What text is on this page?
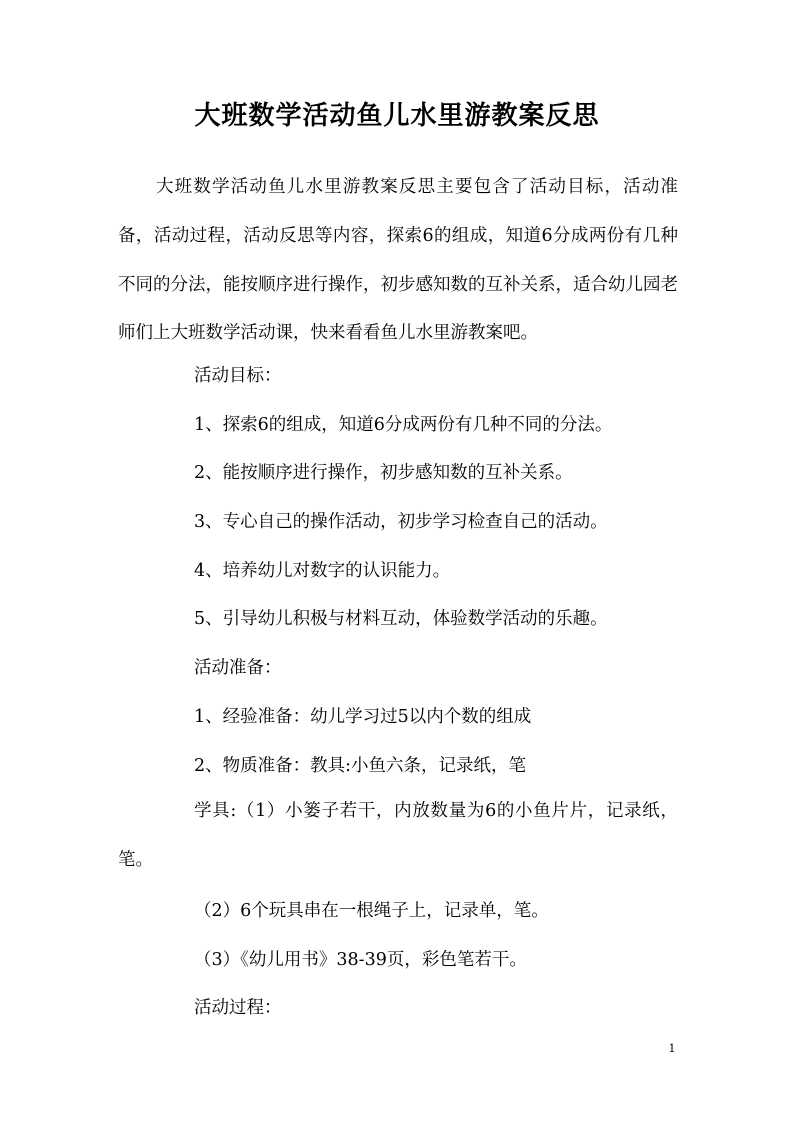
大班数学活动鱼儿水里游教案反思
大班数学活动鱼儿水里游教案反思主要包含了活动目标，活动准备，活动过程，活动反思等内容，探索6的组成，知道6分成两份有几种不同的分法，能按顺序进行操作，初步感知数的互补关系，适合幼儿园老师们上大班数学活动课，快来看看鱼儿水里游教案吧。
活动目标：
1、探索6的组成，知道6分成两份有几种不同的分法。
2、能按顺序进行操作，初步感知数的互补关系。
3、专心自己的操作活动，初步学习检查自己的活动。
4、培养幼儿对数字的认识能力。
5、引导幼儿积极与材料互动，体验数学活动的乐趣。
活动准备：
1、经验准备：幼儿学习过5以内个数的组成
2、物质准备：教具:小鱼六条，记录纸，笔
学具:（1）小篓子若干，内放数量为6的小鱼片片，记录纸，笔。
（2）6个玩具串在一根绳子上，记录单，笔。
（3）《幼儿用书》38-39页，彩色笔若干。
活动过程：
1
